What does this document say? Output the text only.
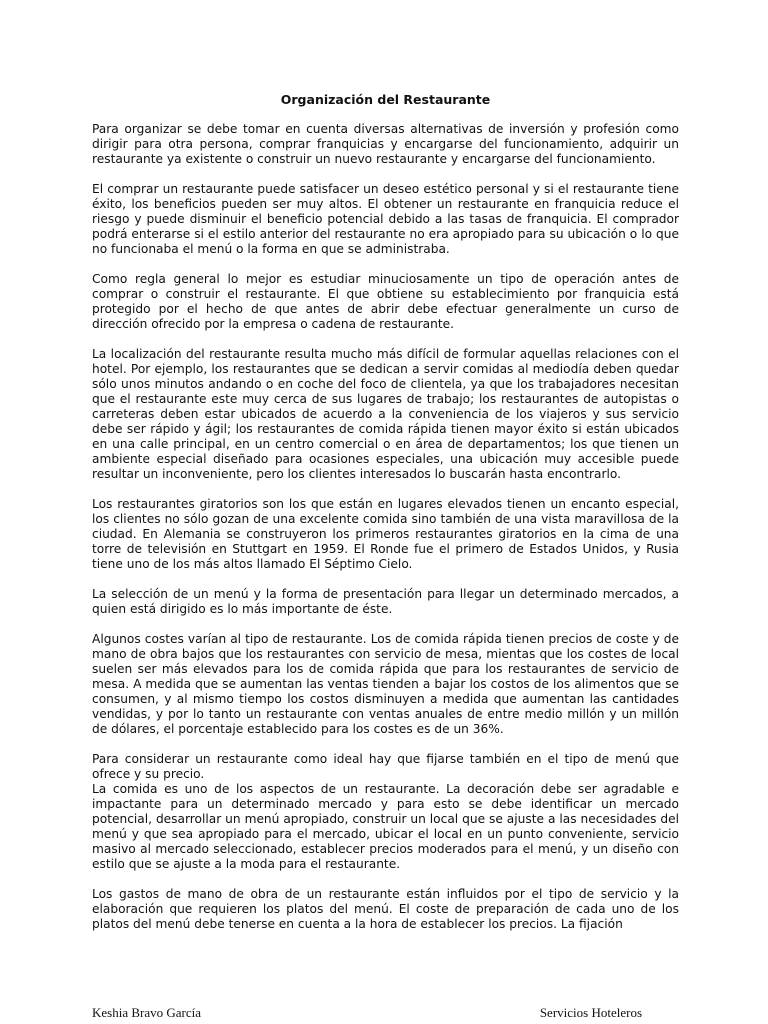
Organización del Restaurante

Para organizar se debe tomar en cuenta diversas alternativas de inversión y profesión como dirigir para otra persona, comprar franquicias y encargarse del funcionamiento, adquirir un restaurante ya existente o construir un nuevo restaurante y encargarse del funcionamiento.

El comprar un restaurante puede satisfacer un deseo estético personal y si el restaurante tiene éxito, los beneficios pueden ser muy altos. El obtener un restaurante en franquicia reduce el riesgo y puede disminuir el beneficio potencial debido a las tasas de franquicia. El comprador podrá enterarse si el estilo anterior del restaurante no era apropiado para su ubicación o lo que no funcionaba el menú o la forma en que se administraba.

Como regla general lo mejor es estudiar minuciosamente un tipo de operación antes de comprar o construir el restaurante. El que obtiene su establecimiento por franquicia está protegido por el hecho de que antes de abrir debe efectuar generalmente un curso de dirección ofrecido por la empresa o cadena de restaurante.

La localización del restaurante resulta mucho más difícil de formular aquellas relaciones con el hotel. Por ejemplo, los restaurantes que se dedican a servir comidas al mediodía deben quedar sólo unos minutos andando o en coche del foco de clientela, ya que los trabajadores necesitan que el restaurante este muy cerca de sus lugares de trabajo; los restaurantes de autopistas o carreteras deben estar ubicados de acuerdo a la conveniencia de los viajeros y sus servicio debe ser rápido y ágil; los restaurantes de comida rápida tienen mayor éxito si están ubicados en una calle principal, en un centro comercial o en área de departamentos; los que tienen un ambiente especial diseñado para ocasiones especiales, una ubicación muy accesible puede resultar un inconveniente, pero los clientes interesados lo buscarán hasta encontrarlo.

Los restaurantes giratorios son los que están en lugares elevados tienen un encanto especial, los clientes no sólo gozan de una excelente comida sino también de una vista maravillosa de la ciudad. En Alemania se construyeron los primeros restaurantes giratorios en la cima de una torre de televisión en Stuttgart en 1959. El Ronde fue el primero de Estados Unidos, y Rusia tiene uno de los más altos llamado El Séptimo Cielo.

La selección de un menú y la forma de presentación para llegar un determinado mercados, a quien está dirigido es lo más importante de éste.

Algunos costes varían al tipo de restaurante. Los de comida rápida tienen precios de coste y de mano de obra bajos que los restaurantes con servicio de mesa, mientas que los costes de local suelen ser más elevados para los de comida rápida que para los restaurantes de servicio de mesa. A medida que se aumentan las ventas tienden a bajar los costos de los alimentos que se consumen, y al mismo tiempo los costos disminuyen a medida que aumentan las cantidades vendidas, y por lo tanto un restaurante con ventas anuales de entre medio millón y un millón de dólares, el porcentaje establecido para los costes es de un 36%.

Para considerar un restaurante como ideal hay que fijarse también en el tipo de menú que ofrece y su precio.

La comida es uno de los aspectos de un restaurante. La decoración debe ser agradable e impactante para un determinado mercado y para esto se debe identificar un mercado potencial, desarrollar un menú apropiado, construir un local que se ajuste a las necesidades del menú y que sea apropiado para el mercado, ubicar el local en un punto conveniente, servicio masivo al mercado seleccionado, establecer precios moderados para el menú, y un diseño con estilo que se ajuste a la moda para el restaurante.

Los gastos de mano de obra de un restaurante están influidos por el tipo de servicio y la elaboración que requieren los platos del menú. El coste de preparación de cada uno de los platos del menú debe tenerse en cuenta a la hora de establecer los precios. La fijación

Keshia Bravo García	Servicios Hoteleros
